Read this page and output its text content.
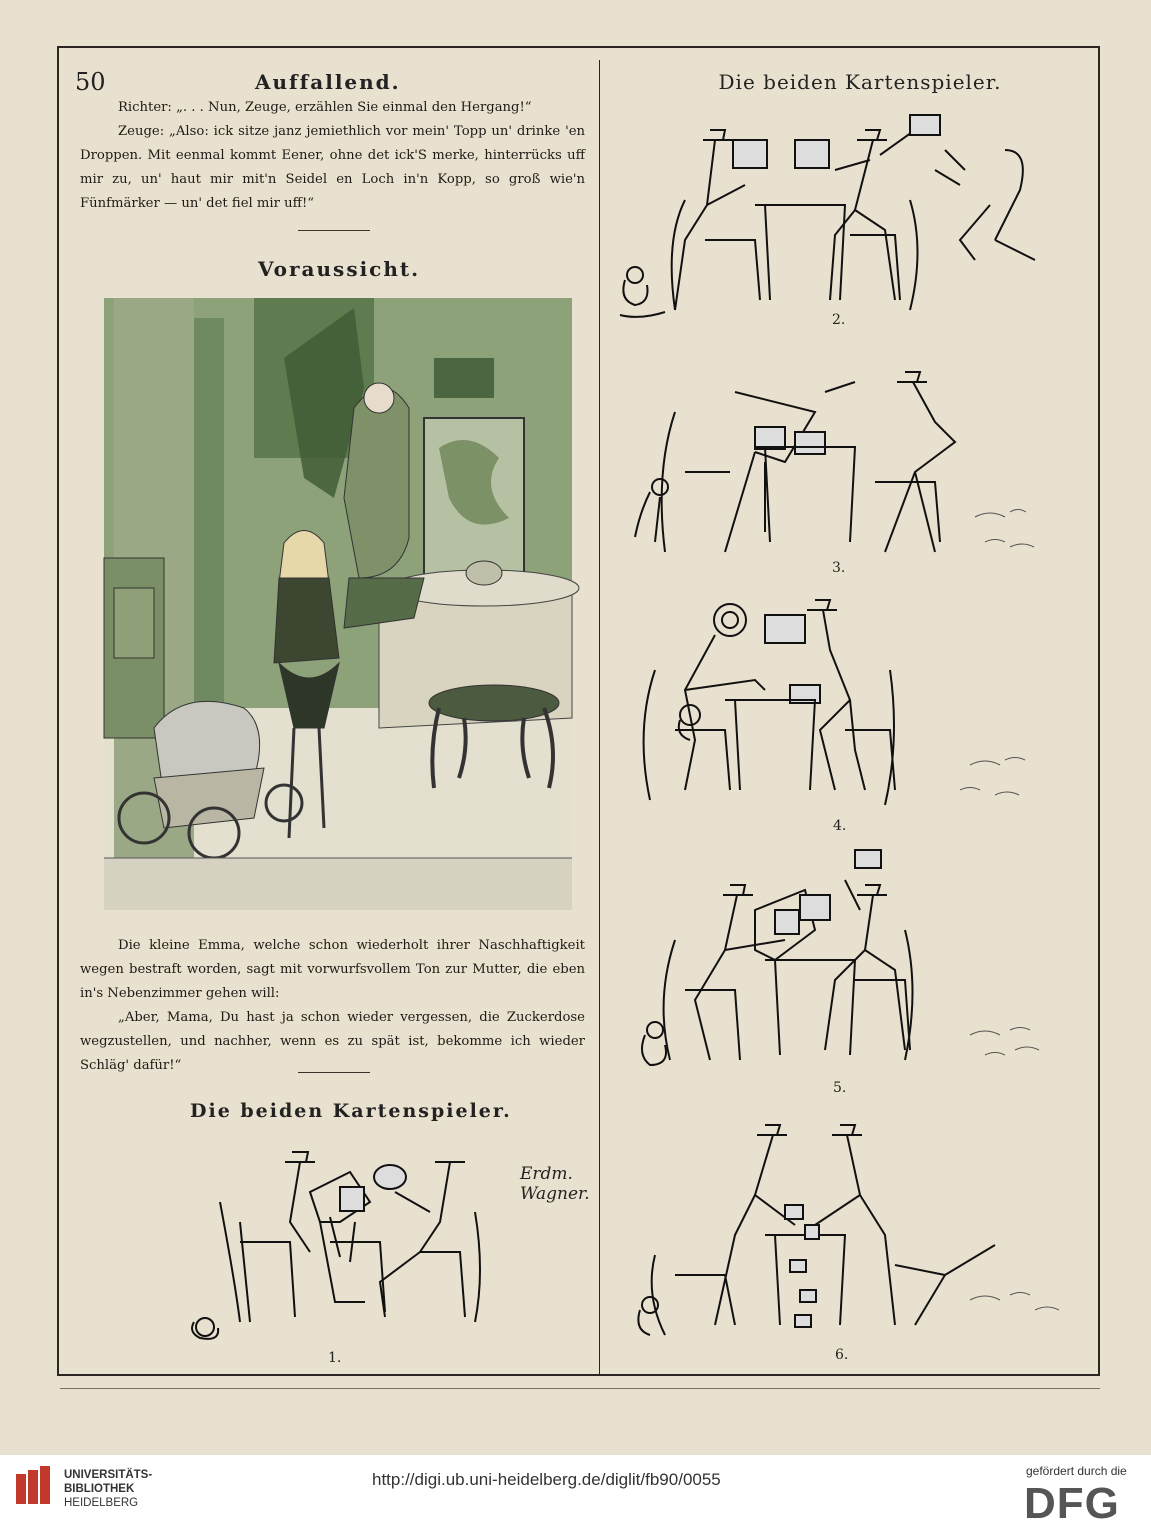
50	Auffallend.

Richter: „. . . Nun, Zeuge, erzählen Sie einmal den Hergang!“

Zeuge: „Also: ick sitze janz jemiethlich vor mein' Topp un' drinke 'en Droppen. Mit eenmal kommt Eener, ohne det ick'S merke, hinterrücks uff mir zu, un' haut mir mit'n Seidel en Loch in'n Kopp, so groß wie'n Fünfmärker — un' det fiel mir uff!“

Voraussicht.
Erdm. Wagner.

Die kleine Emma, welche schon wiederholt ihrer Naschhaftigkeit wegen bestraft worden, sagt mit vorwurfsvollem Ton zur Mutter, die eben in's Nebenzimmer gehen will:

„Aber, Mama, Du hast ja schon wieder vergessen, die Zuckerdose wegzustellen, und nachher, wenn es zu spät ist, bekomme ich wieder Schläg' dafür!“

Die beiden Kartenspieler.
1.
Die beiden Kartenspieler.
2.
3.
4.
5.
6.
UNIVERSITÄTS-
BIBLIOTHEK
HEIDELBERG
http://digi.ub.uni-heidelberg.de/diglit/fb90/0055	gefördert durch die
DFG
